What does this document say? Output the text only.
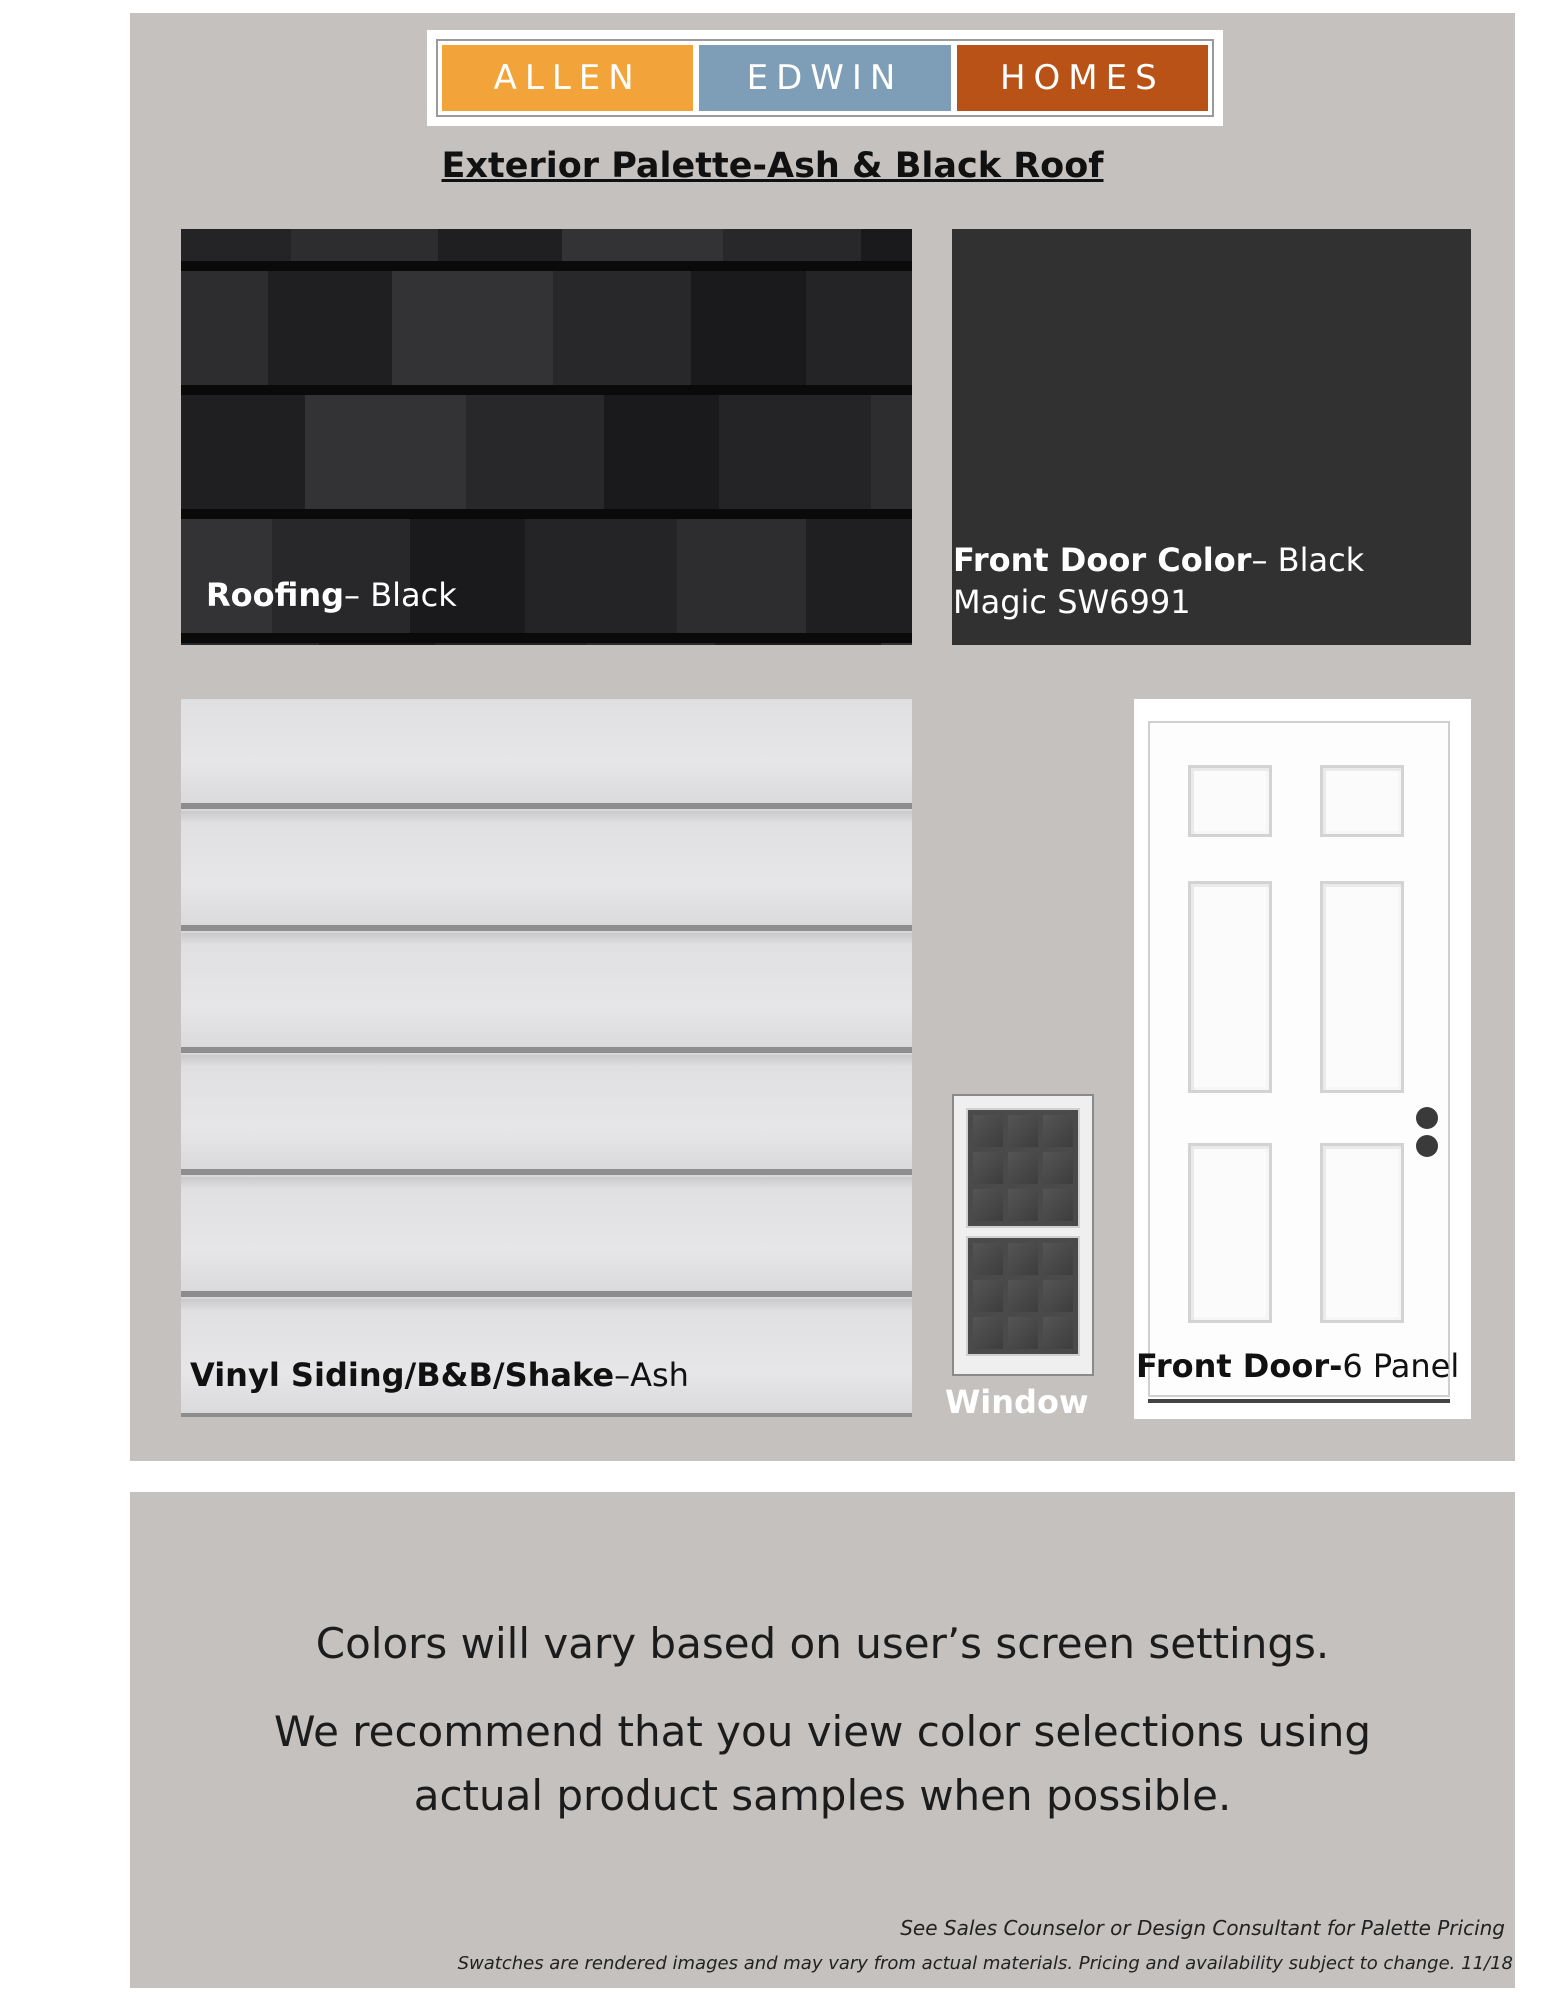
ALLEN	EDWIN	HOMES
Exterior Palette-Ash & Black Roof
Roofing– Black
Front Door Color– Black
Magic SW6991
Vinyl Siding/B&B/Shake–Ash
Window
Front Door-6 Panel
Colors will vary based on user’s screen settings.
We recommend that you view color selections using
actual product samples when possible.
See Sales Counselor or Design Consultant for Palette Pricing
Swatches are rendered images and may vary from actual materials. Pricing and availability subject to change. 11/18
